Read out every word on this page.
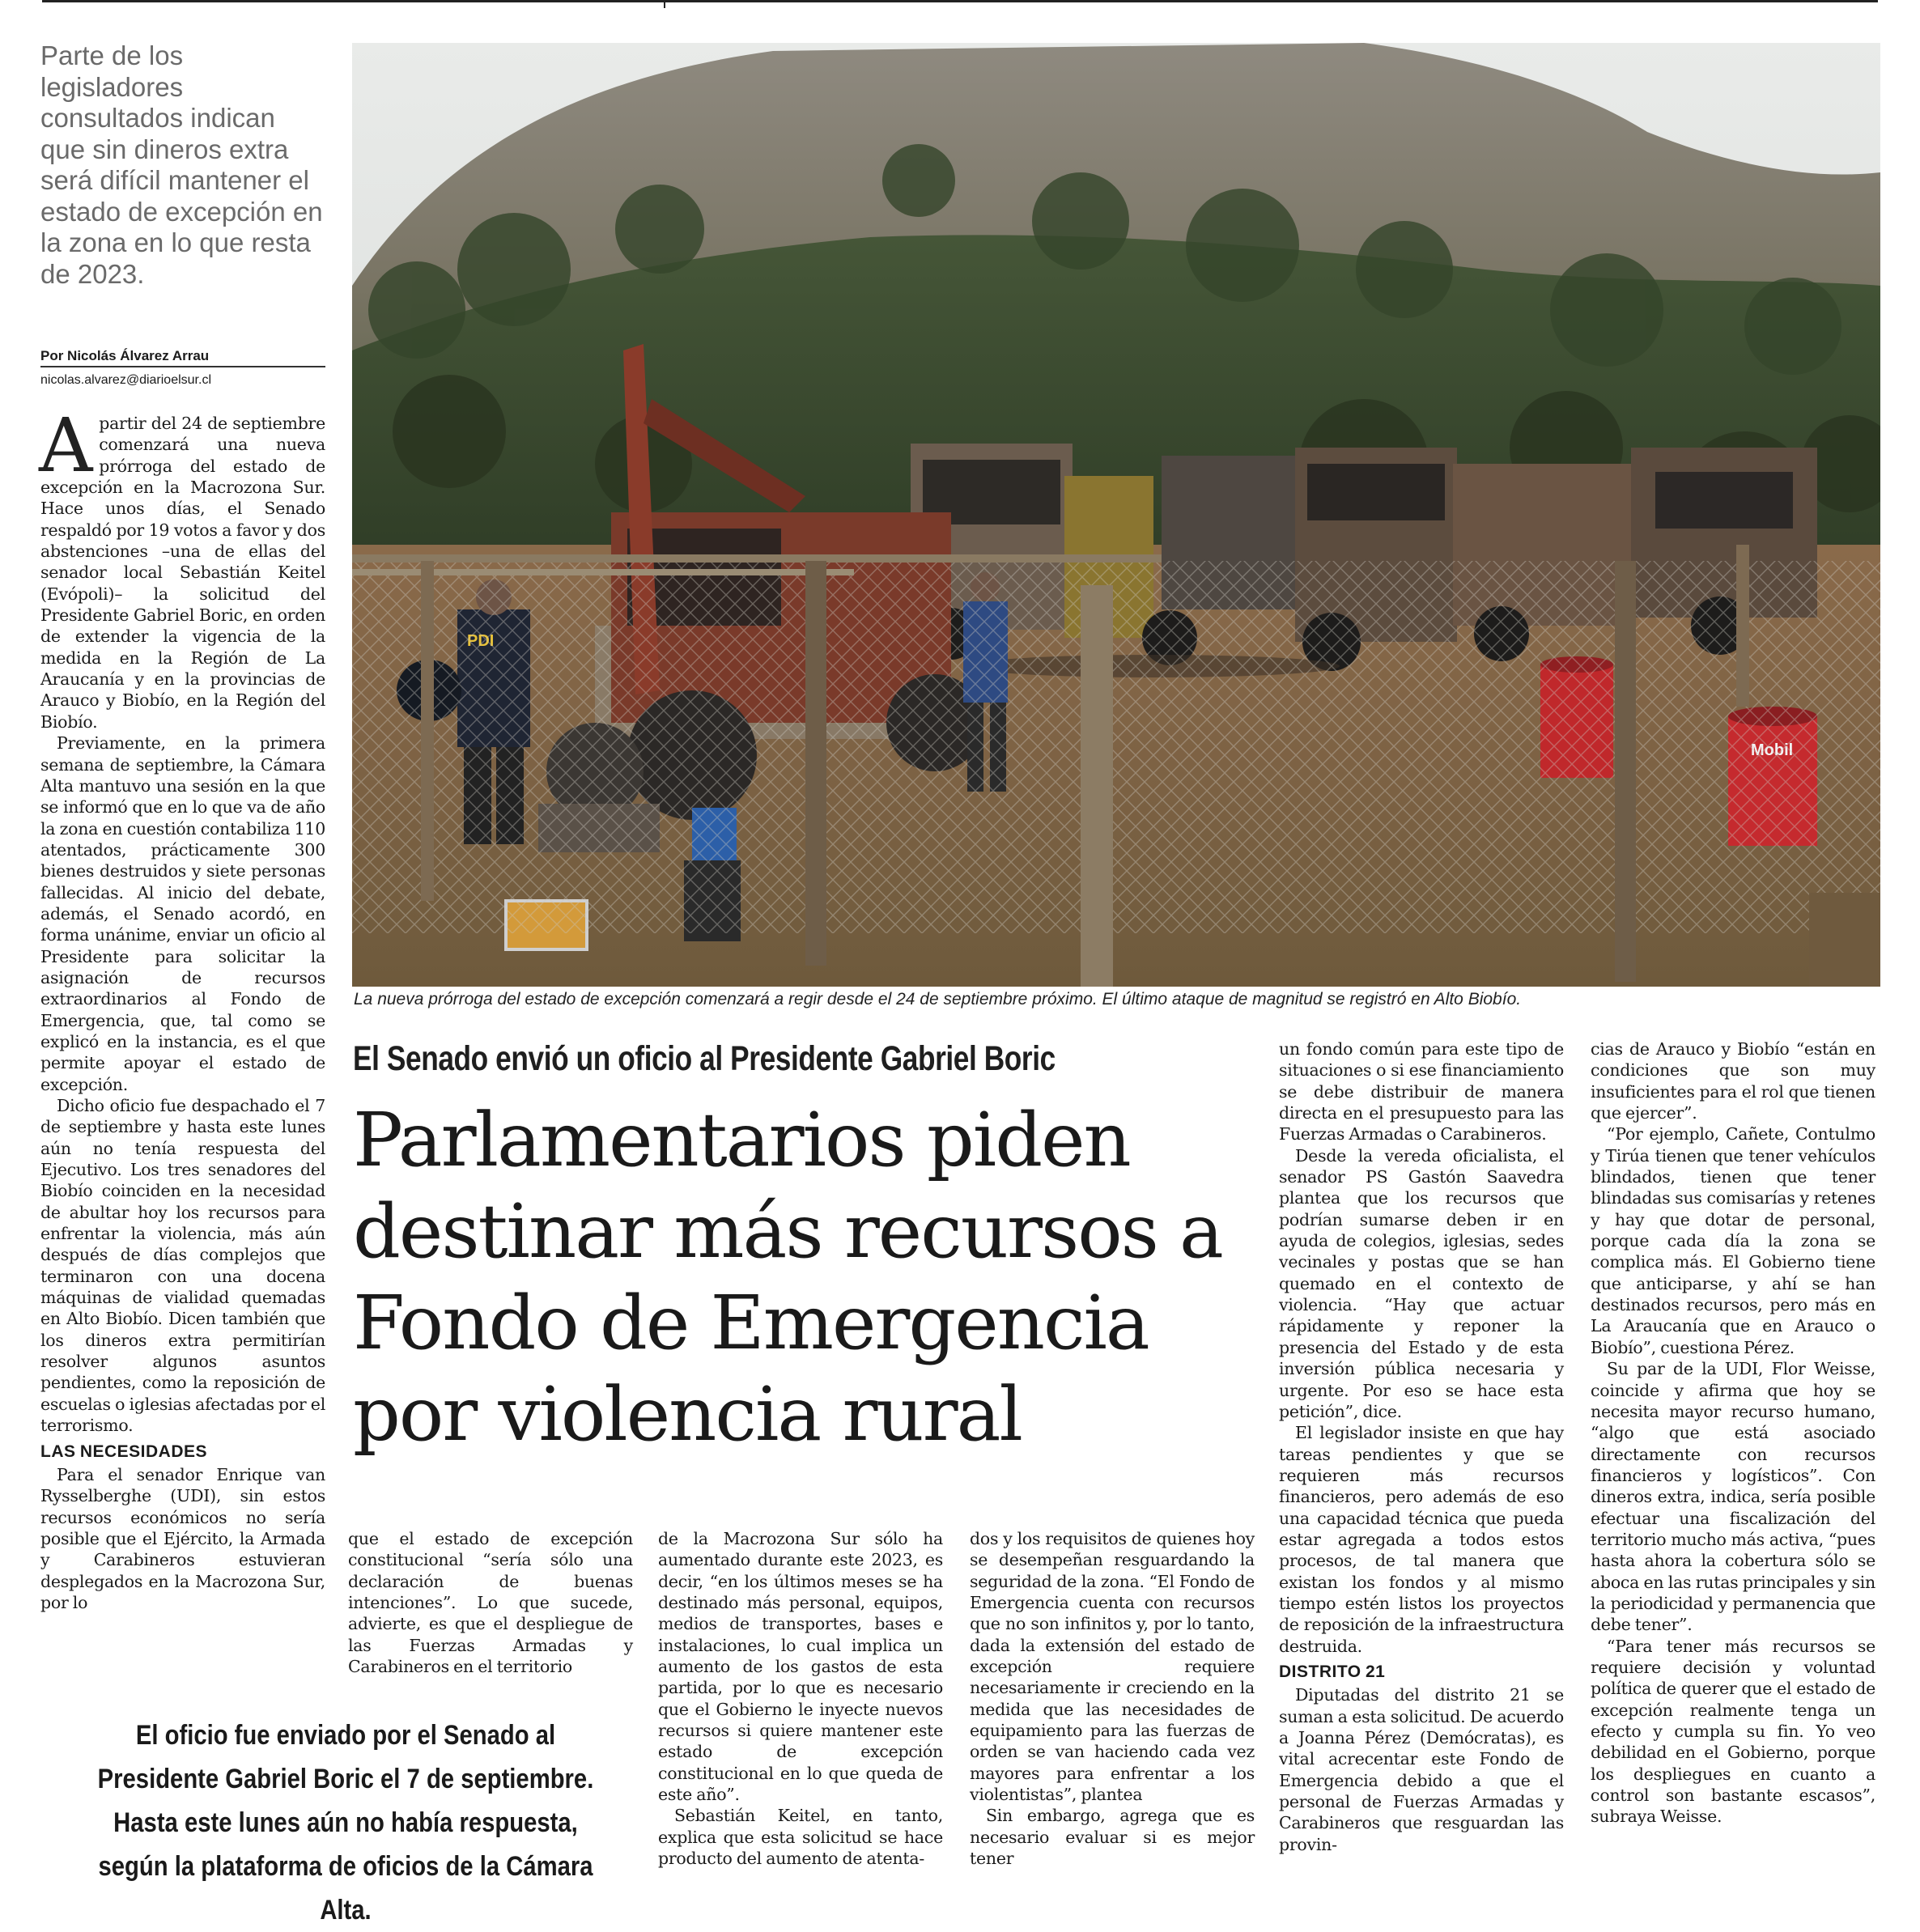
Parte de los legisladores consultados indican que sin dineros extra será difícil mantener el estado de excepción en la zona en lo que resta de 2023.
Por Nicolás Álvarez Arrau
nicolas.alvarez@diarioelsur.cl
La nueva prórroga del estado de excepción comenzará a regir desde el 24 de septiembre próximo. El último ataque de magnitud se registró en Alto Biobío.

Apartir del 24 de septiembre comenzará una nueva prórroga del estado de excepción en la Macrozona Sur. Hace unos días, el Senado respaldó por 19 votos a favor y dos abstenciones –una de ellas del senador local Sebastián Keitel (Evópoli)– la solicitud del Presidente Gabriel Boric, en orden de extender la vigencia de la medida en la Región de La Araucanía y en la provincias de Arauco y Biobío, en la Región del Biobío.

Previamente, en la primera semana de septiembre, la Cámara Alta mantuvo una sesión en la que se informó que en lo que va de año la zona en cuestión contabiliza 110 atentados, prácticamente 300 bienes destruidos y siete personas fallecidas. Al inicio del debate, además, el Senado acordó, en forma unánime, enviar un oficio al Presidente para solicitar la asignación de recursos extraordinarios al Fondo de Emergencia, que, tal como se explicó en la instancia, es el que permite apoyar el estado de excepción.

Dicho oficio fue despachado el 7 de septiembre y hasta este lunes aún no tenía respuesta del Ejecutivo. Los tres senadores del Biobío coinciden en la necesidad de abultar hoy los recursos para enfrentar la violencia, más aún después de días complejos que terminaron con una docena máquinas de vialidad quemadas en Alto Biobío. Dicen también que los dineros extra permitirían resolver algunos asuntos pendientes, como la reposición de escuelas o iglesias afectadas por el terrorismo.

LAS NECESIDADES

Para el senador Enrique van Rysselberghe (UDI), sin estos recursos económicos no sería posible que el Ejército, la Armada y Carabineros estuvieran desplegados en la Macrozona Sur, por lo

El Senado envió un oficio al Presidente Gabriel Boric
Parlamentarios piden destinar más recursos a Fondo de Emergencia por violencia rural

que el estado de excepción constitucional “sería sólo una declaración de buenas intenciones”. Lo que sucede, advierte, es que el despliegue de las Fuerzas Armadas y Carabineros en el territorio

El oficio fue enviado por el Senado al Presidente Gabriel Boric el 7 de septiembre. Hasta este lunes aún no había respuesta, según la plataforma de oficios de la Cámara Alta.

de la Macrozona Sur sólo ha aumentado durante este 2023, es decir, “en los últimos meses se ha destinado más personal, equipos, medios de transportes, bases e instalaciones, lo cual implica un aumento de los gastos de esta partida, por lo que es necesario que el Gobierno le inyecte nuevos recursos si quiere mantener este estado de excepción constitucional en lo que queda de este año”.

Sebastián Keitel, en tanto, explica que esta solicitud se hace producto del aumento de atenta-

dos y los requisitos de quienes hoy se desempeñan resguardando la seguridad de la zona. “El Fondo de Emergencia cuenta con recursos que no son infinitos y, por lo tanto, dada la extensión del estado de excepción requiere necesariamente ir creciendo en la medida que las necesidades de equipamiento para las fuerzas de orden se van haciendo cada vez mayores para enfrentar a los violentistas”, plantea

Sin embargo, agrega que es necesario evaluar si es mejor tener

un fondo común para este tipo de situaciones o si ese financiamiento se debe distribuir de manera directa en el presupuesto para las Fuerzas Armadas o Carabineros.

Desde la vereda oficialista, el senador PS Gastón Saavedra plantea que los recursos que podrían sumarse deben ir en ayuda de colegios, iglesias, sedes vecinales y postas que se han quemado en el contexto de violencia. “Hay que actuar rápidamente y reponer la presencia del Estado y de esta inversión pública necesaria y urgente. Por eso se hace esta petición”, dice.

El legislador insiste en que hay tareas pendientes y que se requieren más recursos financieros, pero además de eso una capacidad técnica que pueda estar agregada a todos estos procesos, de tal manera que existan los fondos y al mismo tiempo estén listos los proyectos de reposición de la infraestructura destruida.

DISTRITO 21

Diputadas del distrito 21 se suman a esta solicitud. De acuerdo a Joanna Pérez (Demócratas), es vital acrecentar este Fondo de Emergencia debido a que el personal de Fuerzas Armadas y Carabineros que resguardan las provin-

cias de Arauco y Biobío “están en condiciones que son muy insuficientes para el rol que tienen que ejercer”.

“Por ejemplo, Cañete, Contulmo y Tirúa tienen que tener vehículos blindados, tienen que tener blindadas sus comisarías y retenes y hay que dotar de personal, porque cada día la zona se complica más. El Gobierno tiene que anticiparse, y ahí se han destinados recursos, pero más en La Araucanía que en Arauco o Biobío”, cuestiona Pérez.

Su par de la UDI, Flor Weisse, coincide y afirma que hoy se necesita mayor recurso humano, “algo que está asociado directamente con recursos financieros y logísticos”. Con dineros extra, indica, sería posible efectuar una fiscalización del territorio mucho más activa, “pues hasta ahora la cobertura sólo se aboca en las rutas principales y sin la periodicidad y permanencia que debe tener”.

“Para tener más recursos se requiere decisión y voluntad política de querer que el estado de excepción realmente tenga un efecto y cumpla su fin. Yo veo debilidad en el Gobierno, porque los despliegues en cuanto a control son bastante escasos”, subraya Weisse.
